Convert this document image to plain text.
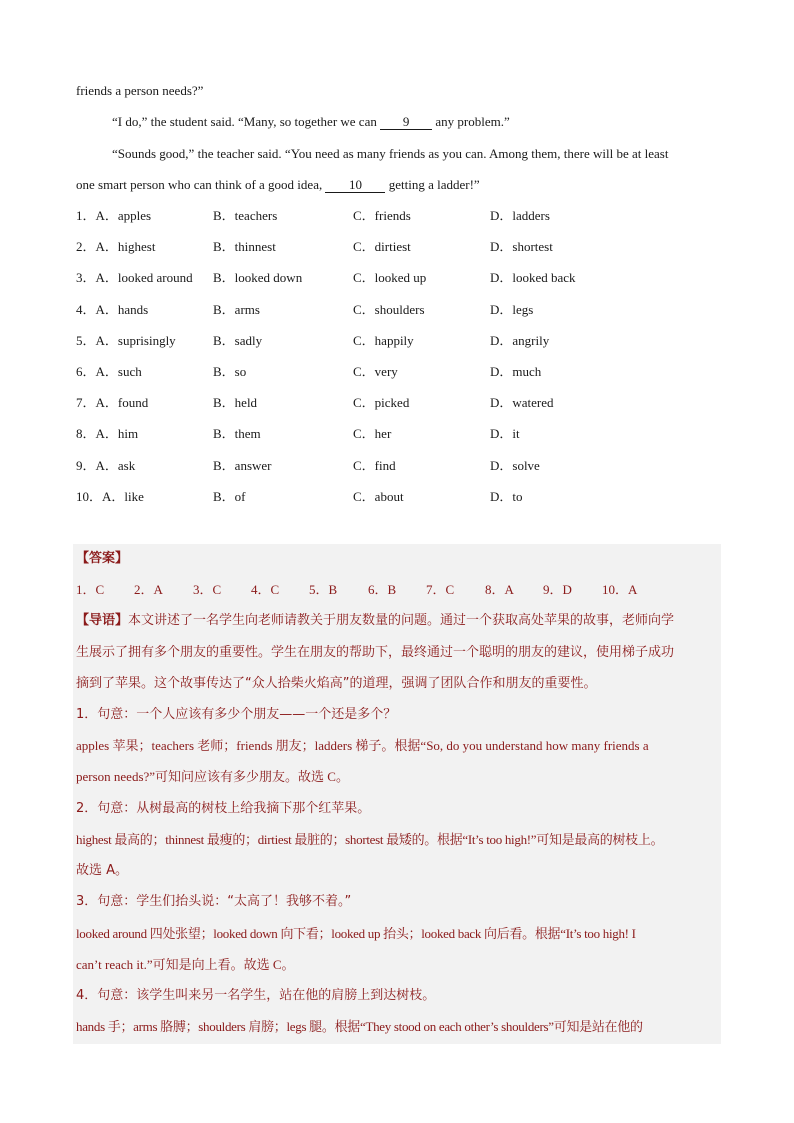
friends a person needs?”
“I do,” the student said. “Many, so together we can 9 any problem.”
“Sounds good,” the teacher said. “You need as many friends as you can. Among them, there will be at least
one smart person who can think of a good idea, 10 getting a ladder!”
1．A．apples	B．teachers	C．friends	D．ladders
2．A．highest	B．thinnest	C．dirtiest	D．shortest
3．A．looked around B．looked down	C．looked up	D．looked back
4．A．hands	B．arms	C．shoulders	D．legs
5．A．suprisingly	B．sadly	C．happily	D．angrily
6．A．such	B．so	C．very	D．much
7．A．found	B．held	C．picked	D．watered
8．A．him	B．them	C．her	D．it
9．A．ask	B．answer	C．find	D．solve
10．A．like	B．of	C．about	D．to
【答案】
1．C 2．A 3．C 4．C 5．B 6．B 7．C 8．A 9．D 10．A
【导语】本文讲述了一名学生向老师请教关于朋友数量的问题。通过一个获取高处苹果的故事，老师向学
生展示了拥有多个朋友的重要性。学生在朋友的帮助下，最终通过一个聪明的朋友的建议，使用梯子成功
摘到了苹果。这个故事传达了“众人拾柴火焰高”的道理，强调了团队合作和朋友的重要性。
1．句意：一个人应该有多少个朋友——一个还是多个？
apples 苹果；teachers 老师；friends 朋友；ladders 梯子。根据“So, do you understand how many friends a
person needs?”可知问应该有多少朋友。故选 C。
2．句意：从树最高的树枝上给我摘下那个红苹果。
highest 最高的；thinnest 最瘦的；dirtiest 最脏的；shortest 最矮的。根据“It’s too high!”可知是最高的树枝上。
故选 A。
3．句意：学生们抬头说：“太高了！我够不着。”
looked around 四处张望；looked down 向下看；looked up 抬头；looked back 向后看。根据“It’s too high! I
can’t reach it.”可知是向上看。故选 C。
4．句意：该学生叫来另一名学生，站在他的肩膀上到达树枝。
hands 手；arms 胳膊；shoulders 肩膀；legs 腿。根据“They stood on each other’s shoulders”可知是站在他的
